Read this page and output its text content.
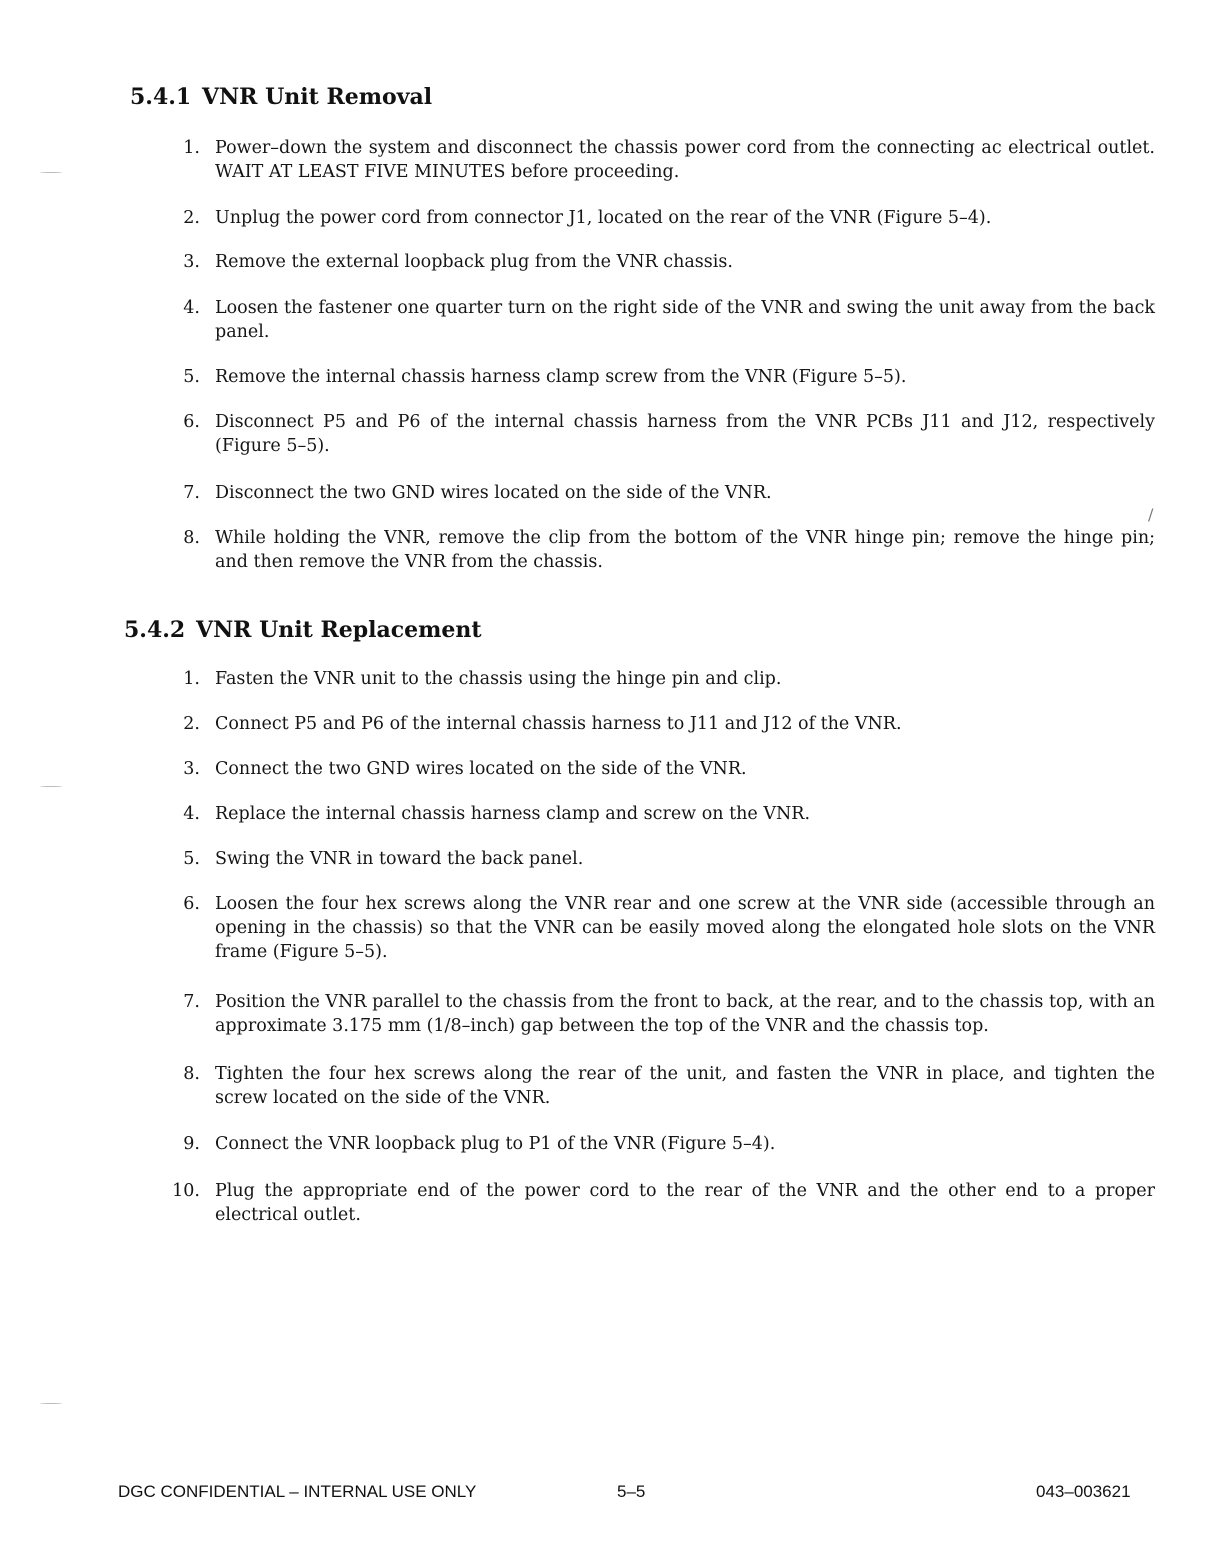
/
5.4.1 VNR Unit Removal
1. Power–down the system and disconnect the chassis power cord from the connecting ac electrical outlet. WAIT AT LEAST FIVE MINUTES before proceeding.
2. Unplug the power cord from connector J1, located on the rear of the VNR (Figure 5–4).
3. Remove the external loopback plug from the VNR chassis.
4. Loosen the fastener one quarter turn on the right side of the VNR and swing the unit away from the back panel.
5. Remove the internal chassis harness clamp screw from the VNR (Figure 5–5).
6. Disconnect P5 and P6 of the internal chassis harness from the VNR PCBs J11 and J12, respectively (Figure 5–5).
7. Disconnect the two GND wires located on the side of the VNR.
8. While holding the VNR, remove the clip from the bottom of the VNR hinge pin; remove the hinge pin; and then remove the VNR from the chassis.
5.4.2 VNR Unit Replacement
1. Fasten the VNR unit to the chassis using the hinge pin and clip.
2. Connect P5 and P6 of the internal chassis harness to J11 and J12 of the VNR.
3. Connect the two GND wires located on the side of the VNR.
4. Replace the internal chassis harness clamp and screw on the VNR.
5. Swing the VNR in toward the back panel.
6. Loosen the four hex screws along the VNR rear and one screw at the VNR side (accessible through an opening in the chassis) so that the VNR can be easily moved along the elongated hole slots on the VNR frame (Figure 5–5).
7. Position the VNR parallel to the chassis from the front to back, at the rear, and to the chassis top, with an approximate 3.175 mm (1/8–inch) gap between the top of the VNR and the chassis top.
8. Tighten the four hex screws along the rear of the unit, and fasten the VNR in place, and tighten the screw located on the side of the VNR.
9. Connect the VNR loopback plug to P1 of the VNR (Figure 5–4).
10. Plug the appropriate end of the power cord to the rear of the VNR and the other end to a proper electrical outlet.
DGC CONFIDENTIAL – INTERNAL USE ONLY	5–5	043–003621
